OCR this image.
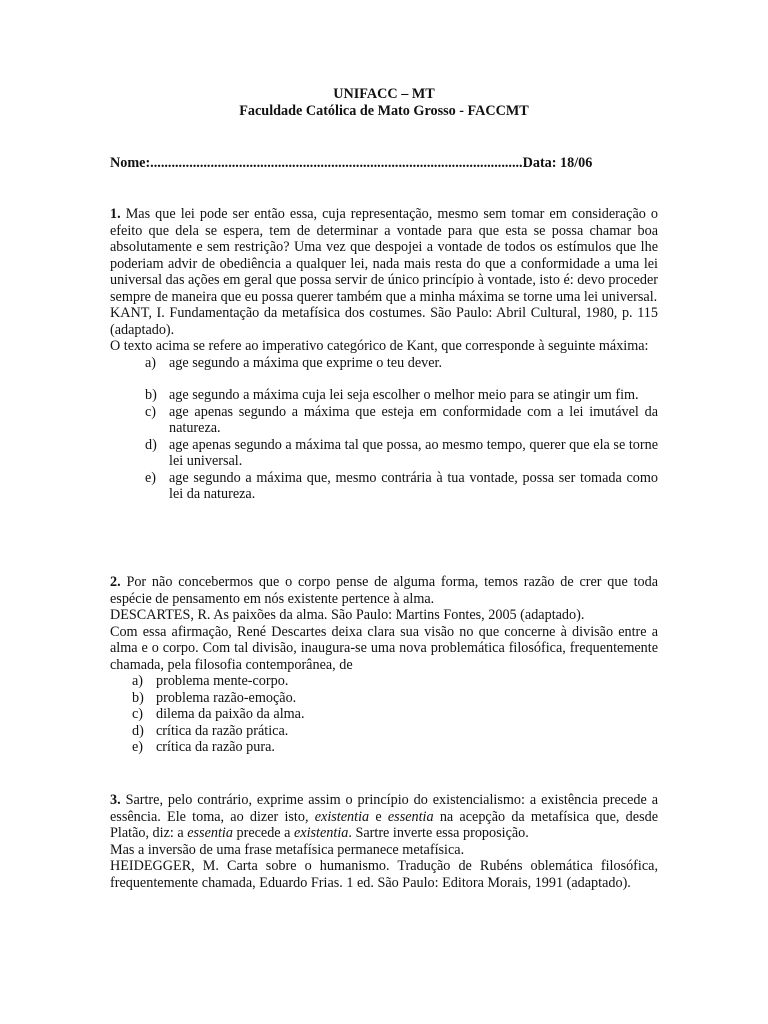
UNIFACC – MT
Faculdade Católica de Mato Grosso - FACCMT
Nome:.........................................................................................................Data: 18/06

1. Mas que lei pode ser então essa, cuja representação, mesmo sem tomar em consideração o efeito que dela se espera, tem de determinar a vontade para que esta se possa chamar boa absolutamente e sem restrição? Uma vez que despojei a vontade de todos os estímulos que lhe poderiam advir de obediência a qualquer lei, nada mais resta do que a conformidade a uma lei universal das ações em geral que possa servir de único princípio à vontade, isto é: devo proceder sempre de maneira que eu possa querer também que a minha máxima se torne uma lei universal.

KANT, I. Fundamentação da metafísica dos costumes. São Paulo: Abril Cultural, 1980, p. 115 (adaptado).

O texto acima se refere ao imperativo categórico de Kant, que corresponde à seguinte máxima:

a) age segundo a máxima que exprime o teu dever.
b) age segundo a máxima cuja lei seja escolher o melhor meio para se atingir um fim.
c) age apenas segundo a máxima que esteja em conformidade com a lei imutável da natureza.
d) age apenas segundo a máxima tal que possa, ao mesmo tempo, querer que ela se torne lei universal.
e) age segundo a máxima que, mesmo contrária à tua vontade, possa ser tomada como lei da natureza.

2. Por não concebermos que o corpo pense de alguma forma, temos razão de crer que toda espécie de pensamento em nós existente pertence à alma.

DESCARTES, R. As paixões da alma. São Paulo: Martins Fontes, 2005 (adaptado).

Com essa afirmação, René Descartes deixa clara sua visão no que concerne à divisão entre a alma e o corpo. Com tal divisão, inaugura-se uma nova problemática filosófica, frequentemente chamada, pela filosofia contemporânea, de

a) problema mente-corpo.
b) problema razão-emoção.
c) dilema da paixão da alma.
d) crítica da razão prática.
e) crítica da razão pura.

3. Sartre, pelo contrário, exprime assim o princípio do existencialismo: a existência precede a essência. Ele toma, ao dizer isto, existentia e essentia na acepção da metafísica que, desde Platão, diz: a essentia precede a existentia. Sartre inverte essa proposição.

Mas a inversão de uma frase metafísica permanece metafísica.

HEIDEGGER, M. Carta sobre o humanismo. Tradução de Rubéns oblemática filosófica, frequentemente chamada, Eduardo Frias. 1 ed. São Paulo: Editora Morais, 1991 (adaptado).
